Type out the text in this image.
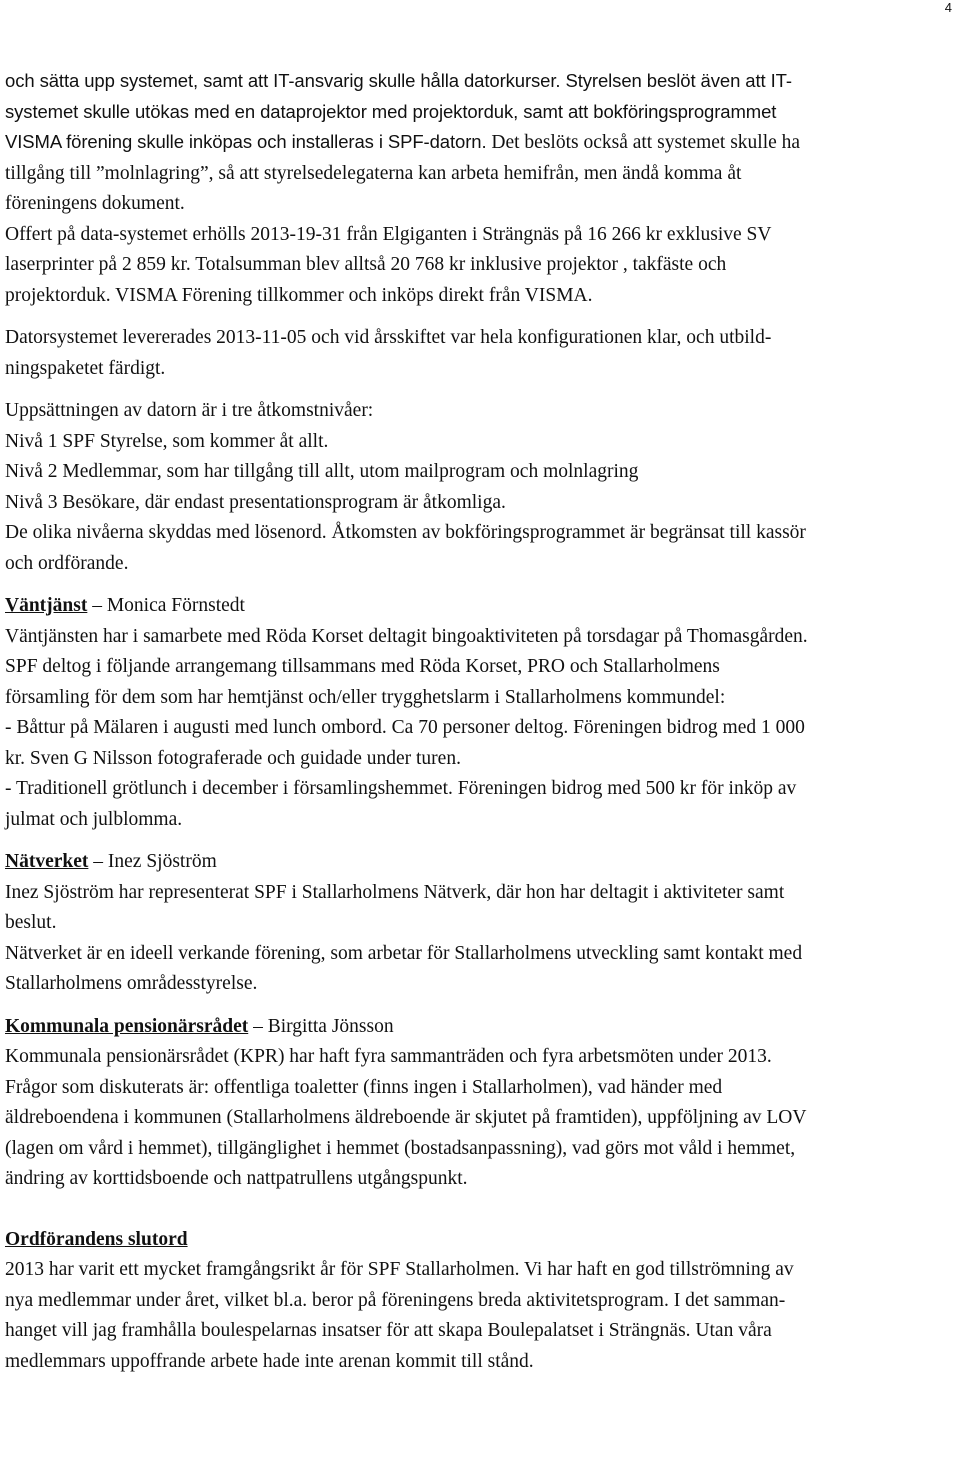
4
och sätta upp systemet, samt att IT-ansvarig skulle hålla datorkurser. Styrelsen beslöt även att IT-
systemet skulle utökas med en dataprojektor med projektorduk, samt att bokföringsprogrammet
VISMA förening skulle inköpas och installeras i SPF-datorn. Det beslöts också att systemet skulle ha
tillgång till ”molnlagring”, så att styrelsedelegaterna kan arbeta hemifrån, men ändå komma åt
föreningens dokument.
Offert på data-systemet erhölls 2013-19-31 från Elgiganten i Strängnäs på 16 266 kr exklusive SV
laserprinter på 2 859 kr. Totalsumman blev alltså 20 768 kr inklusive projektor , takfäste och
projektorduk. VISMA Förening tillkommer och inköps direkt från VISMA.
Datorsystemet levererades 2013-11-05 och vid årsskiftet var hela konfigurationen klar, och utbild-
ningspaketet färdigt.
Uppsättningen av datorn är i tre åtkomstnivåer:
Nivå 1 SPF Styrelse, som kommer åt allt.
Nivå 2 Medlemmar, som har tillgång till allt, utom mailprogram och molnlagring
Nivå 3 Besökare, där endast presentationsprogram är åtkomliga.
De olika nivåerna skyddas med lösenord. Åtkomsten av bokföringsprogrammet är begränsat till kassör
och ordförande.
Väntjänst – Monica Förnstedt
Väntjänsten har i samarbete med Röda Korset deltagit bingoaktiviteten på torsdagar på Thomasgården.
SPF deltog i följande arrangemang tillsammans med Röda Korset, PRO och Stallarholmens
församling för dem som har hemtjänst och/eller trygghetslarm i Stallarholmens kommundel:
- Båttur på Mälaren i augusti med lunch ombord. Ca 70 personer deltog. Föreningen bidrog med 1 000
kr. Sven G Nilsson fotograferade och guidade under turen.
- Traditionell grötlunch i december i församlingshemmet. Föreningen bidrog med 500 kr för inköp av
julmat och julblomma.
Nätverket – Inez Sjöström
Inez Sjöström har representerat SPF i Stallarholmens Nätverk, där hon har deltagit i aktiviteter samt
beslut.
Nätverket är en ideell verkande förening, som arbetar för Stallarholmens utveckling samt kontakt med
Stallarholmens områdesstyrelse.
Kommunala pensionärsrådet – Birgitta Jönsson
Kommunala pensionärsrådet (KPR) har haft fyra sammanträden och fyra arbetsmöten under 2013.
Frågor som diskuterats är: offentliga toaletter (finns ingen i Stallarholmen), vad händer med
äldreboendena i kommunen (Stallarholmens äldreboende är skjutet på framtiden), uppföljning av LOV
(lagen om vård i hemmet), tillgänglighet i hemmet (bostadsanpassning), vad görs mot våld i hemmet,
ändring av korttidsboende och nattpatrullens utgångspunkt.
Ordförandens slutord
2013 har varit ett mycket framgångsrikt år för SPF Stallarholmen. Vi har haft en god tillströmning av
nya medlemmar under året, vilket bl.a. beror på föreningens breda aktivitetsprogram. I det samman-
hanget vill jag framhålla boulespelarnas insatser för att skapa Boulepalatset i Strängnäs. Utan våra
medlemmars uppoffrande arbete hade inte arenan kommit till stånd.
